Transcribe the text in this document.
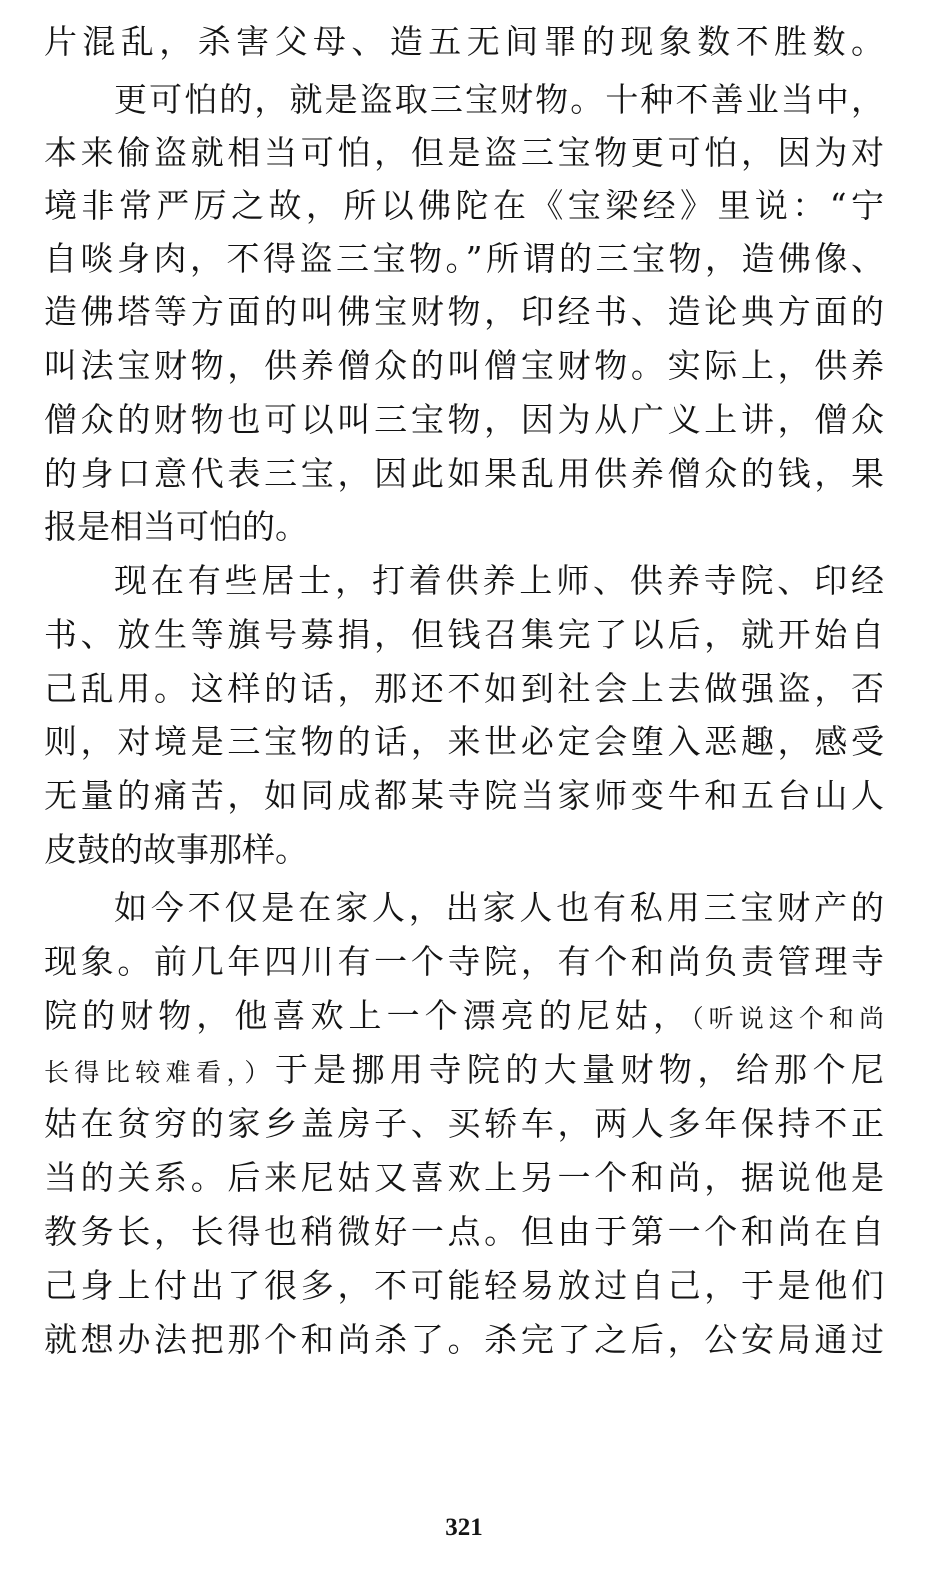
片混乱，杀害父母、造五无间罪的现象数不胜数。

更可怕的，就是盗取三宝财物。十种不善业当中，

本来偷盗就相当可怕，但是盗三宝物更可怕，因为对

境非常严厉之故，所以佛陀在《宝梁经》里说：“宁

自啖身肉，不得盗三宝物。”所谓的三宝物，造佛像、

造佛塔等方面的叫佛宝财物，印经书、造论典方面的

叫法宝财物，供养僧众的叫僧宝财物。实际上，供养

僧众的财物也可以叫三宝物，因为从广义上讲，僧众

的身口意代表三宝，因此如果乱用供养僧众的钱，果

报是相当可怕的。

现在有些居士，打着供养上师、供养寺院、印经

书、放生等旗号募捐，但钱召集完了以后，就开始自

己乱用。这样的话，那还不如到社会上去做强盗，否

则，对境是三宝物的话，来世必定会堕入恶趣，感受

无量的痛苦，如同成都某寺院当家师变牛和五台山人

皮鼓的故事那样。

如今不仅是在家人，出家人也有私用三宝财产的

现象。前几年四川有一个寺院，有个和尚负责管理寺

院的财物，他喜欢上一个漂亮的尼姑，（听说这个和尚

长得比较难看，）于是挪用寺院的大量财物，给那个尼

姑在贫穷的家乡盖房子、买轿车，两人多年保持不正

当的关系。后来尼姑又喜欢上另一个和尚，据说他是

教务长，长得也稍微好一点。但由于第一个和尚在自

己身上付出了很多，不可能轻易放过自己，于是他们

就想办法把那个和尚杀了。杀完了之后，公安局通过

321
